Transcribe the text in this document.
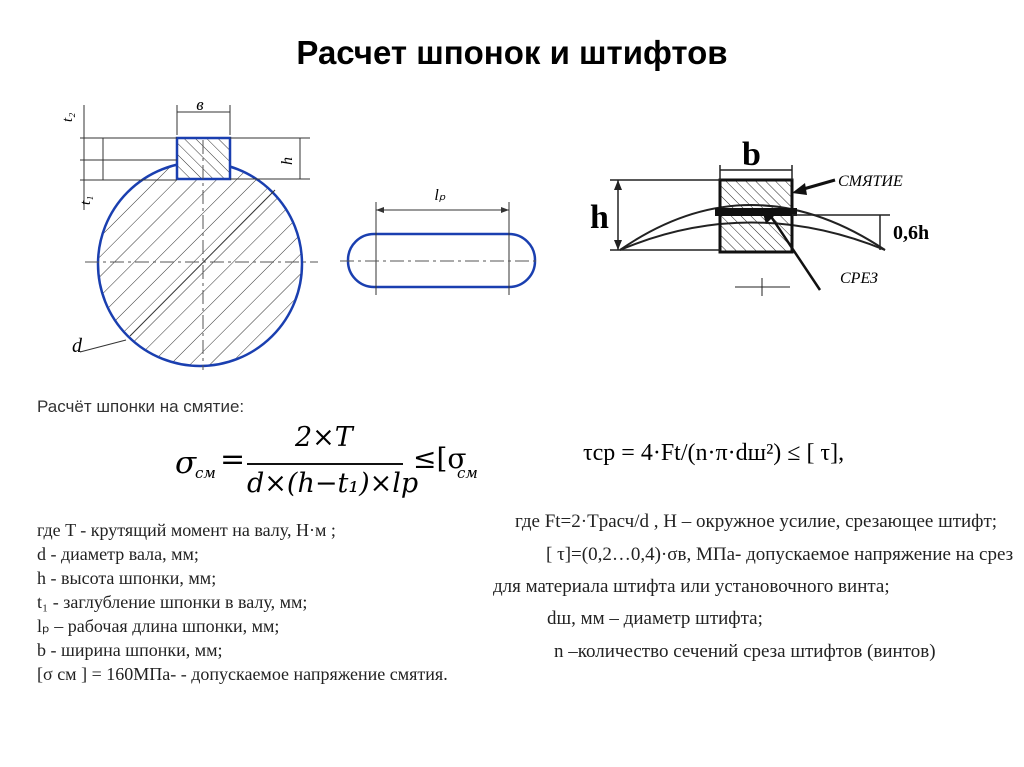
Расчет шпонок и штифтов
в
t₂
t₁
h
d
lₚ
b
h
СМЯТИЕ
0,6h
СРЕЗ
Расчёт шпонки на смятие:
σ
см =
2×T
d×(h−t₁)×lp
≤[σ
см
где T - крутящий момент на валу, Н·м ;
d - диаметр вала, мм;
h - высота шпонки, мм;
t₁ - заглубление шпонки в валу, мм;
lₚ – рабочая длина шпонки, мм;
b - ширина шпонки, мм;
[σ см ] = 160МПа- - допускаемое напряжение смятия.
τср = 4·Ft/(n·π·dш²) ≤ [ τ],
где Ft=2·Tрасч/d , Н – окружное усилие, срезающее штифт;
[ τ]=(0,2…0,4)·σв, МПа- допускаемое напряжение на срез
для материала штифта или установочного винта;
dш, мм – диаметр штифта;
n –количество сечений среза штифтов (винтов)
